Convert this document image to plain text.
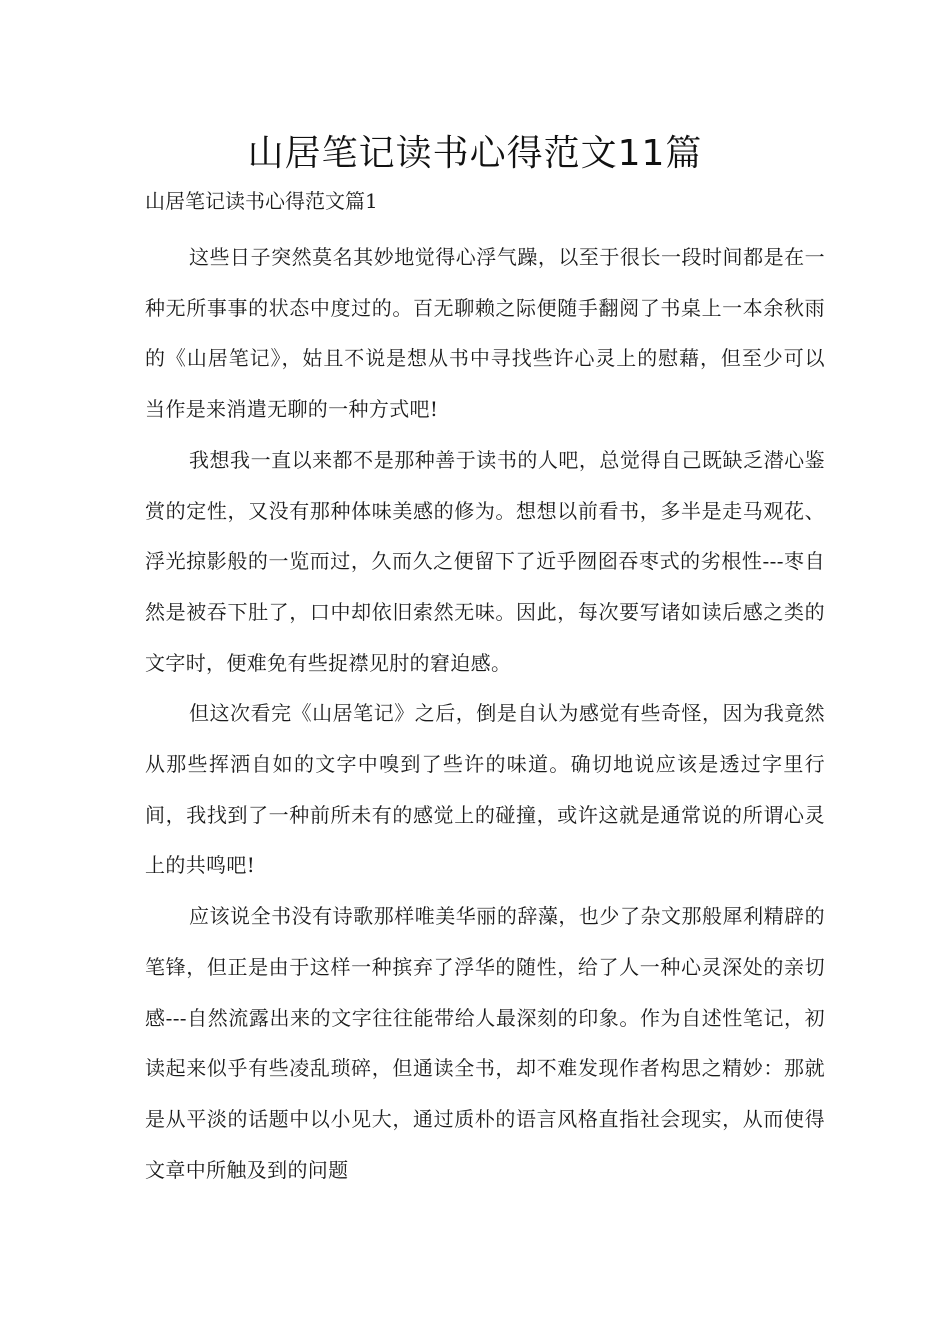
山居笔记读书心得范文11篇

山居笔记读书心得范文篇1

这些日子突然莫名其妙地觉得心浮气躁，以至于很长一段时间都是在一种无所事事的状态中度过的。百无聊赖之际便随手翻阅了书桌上一本余秋雨的《山居笔记》，姑且不说是想从书中寻找些许心灵上的慰藉，但至少可以当作是来消遣无聊的一种方式吧!

我想我一直以来都不是那种善于读书的人吧，总觉得自己既缺乏潜心鉴赏的定性，又没有那种体味美感的修为。想想以前看书，多半是走马观花、浮光掠影般的一览而过，久而久之便留下了近乎囫囵吞枣式的劣根性---枣自然是被吞下肚了，口中却依旧索然无味。因此，每次要写诸如读后感之类的文字时，便难免有些捉襟见肘的窘迫感。

但这次看完《山居笔记》之后，倒是自认为感觉有些奇怪，因为我竟然从那些挥洒自如的文字中嗅到了些许的味道。确切地说应该是透过字里行间，我找到了一种前所未有的感觉上的碰撞，或许这就是通常说的所谓心灵上的共鸣吧!

应该说全书没有诗歌那样唯美华丽的辞藻，也少了杂文那般犀利精辟的笔锋，但正是由于这样一种摈弃了浮华的随性，给了人一种心灵深处的亲切感---自然流露出来的文字往往能带给人最深刻的印象。作为自述性笔记，初读起来似乎有些凌乱琐碎，但通读全书，却不难发现作者构思之精妙：那就是从平淡的话题中以小见大，通过质朴的语言风格直指社会现实，从而使得文章中所触及到的问题
